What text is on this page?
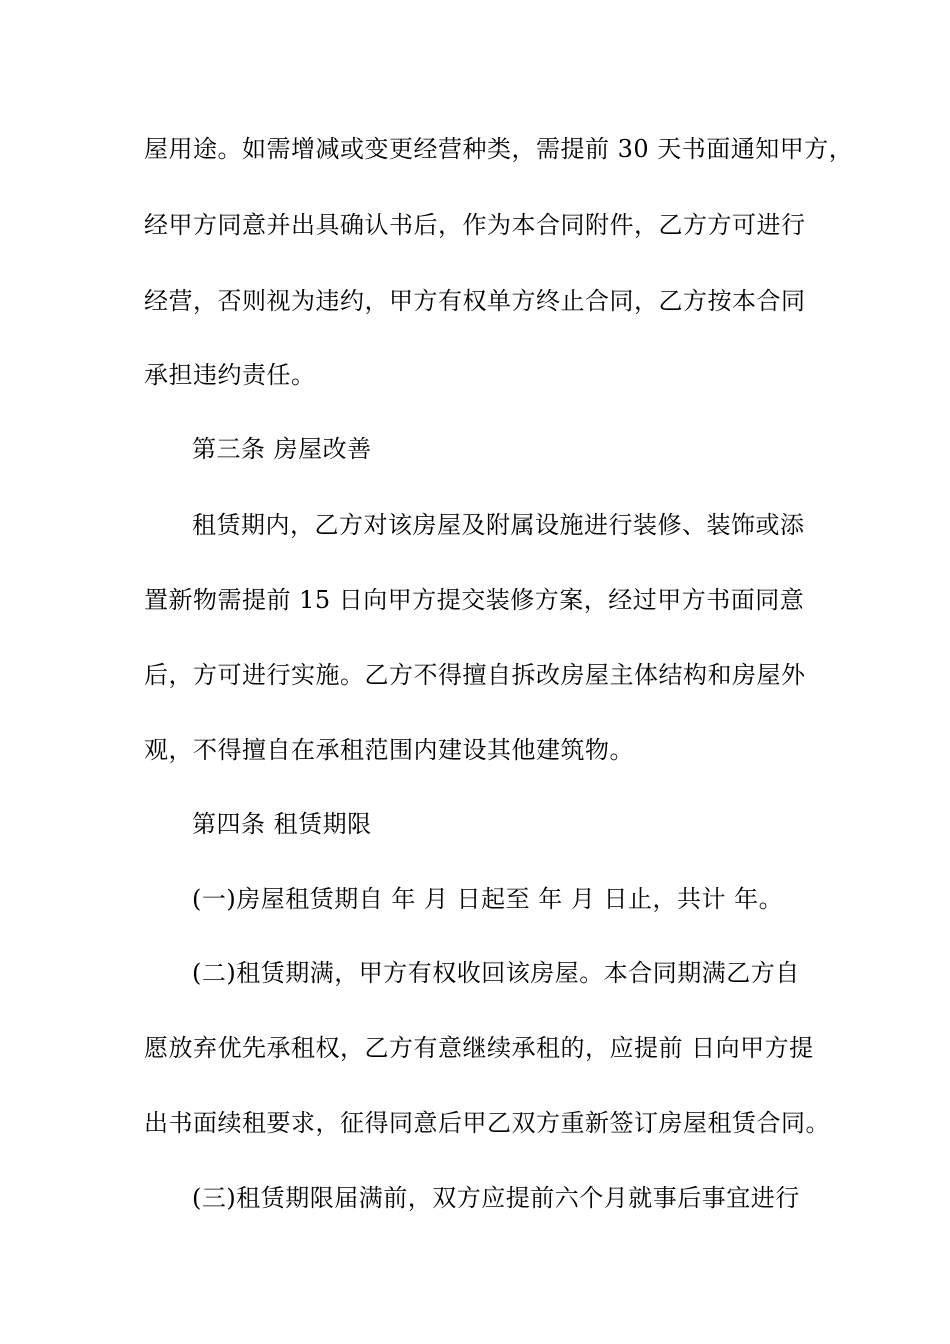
屋用途。如需增减或变更经营种类，需提前 30 天书面通知甲方，
经甲方同意并出具确认书后，作为本合同附件，乙方方可进行
经营，否则视为违约，甲方有权单方终止合同，乙方按本合同
承担违约责任。
第三条 房屋改善
租赁期内，乙方对该房屋及附属设施进行装修、装饰或添
置新物需提前 15 日向甲方提交装修方案，经过甲方书面同意
后，方可进行实施。乙方不得擅自拆改房屋主体结构和房屋外
观，不得擅自在承租范围内建设其他建筑物。
第四条 租赁期限
(一)房屋租赁期自 年 月 日起至 年 月 日止，共计 年。
(二)租赁期满，甲方有权收回该房屋。本合同期满乙方自
愿放弃优先承租权，乙方有意继续承租的，应提前 日向甲方提
出书面续租要求，征得同意后甲乙双方重新签订房屋租赁合同。
(三)租赁期限届满前，双方应提前六个月就事后事宜进行
